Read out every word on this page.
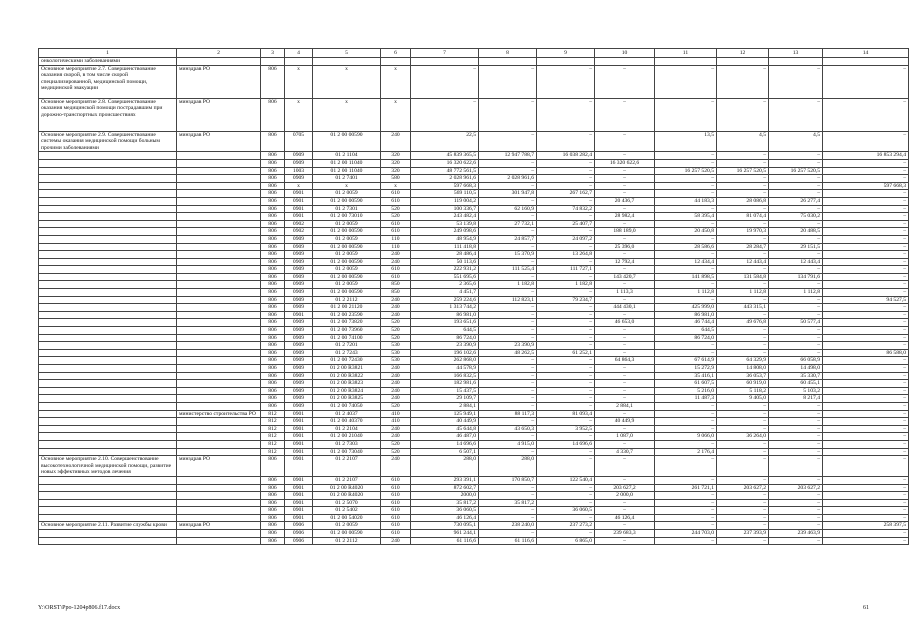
1	2	3	4	5	6	7	8	9	10	11	12	13	14
онкологическими заболеваниями													
Основное мероприятие 2.7. Совершенствование оказания скорой, в том числе скорой специализированной, медицинской помощи, медицинской эвакуации	минздрав РО	806	x	x	x	–	–	–	–	–	–	–	–
Основное мероприятие 2.8. Совершенствование оказания медицинской помощи пострадавшим при дорожно-транспортных происшествиях	минздрав РО	806	x	x	x	–	–	–	–	–	–	–	–
Основное мероприятие 2.9. Совершенствование системы оказания медицинской помощи больным прочими заболеваниями	минздрав РО	806	0705	01 2 00 00590	240	22,5	–	–	–	13,5	4,5	4,5	–
		806	0909	01 2 1104	320	45 839 365,5	12 947 788,7	16 038 282,4	–	–	–	–	16 853 294,4
		806	0909	01 2 00 11040	320	16 320 622,6	–	–	16 320 622,6	–	–	–	–
		806	1003	01 2 00 11040	320	48 772 561,5	–	–	–	16 257 520,5	16 257 520,5	16 257 520,5	–
		806	0909	01 2 7401	580	2 028 961,6	2 028 961,6	–	–	–	–	–	–
		806	x	x	x	597 668,3	–	–	–	–	–	–	597 668,3
		806	0901	01 2 0059	610	569 110,5	301 947,8	267 162,7	–	–	–	–	–
		806	0901	01 2 00 00590	610	119 004,2	–	–	20 436,7	44 183,3	28 086,8	26 277,4	–
		806	0901	01 2 7301	520	100 336,7	62 160,9	74 832,2	–	–	–	–	–
		806	0901	01 2 00 73010	520	243 482,4	–	–	28 982,4	58 395,4	81 074,4	75 030,2	–
		806	0902	01 2 0059	610	53 139,8	27 732,1	25 407,7	–	–	–	–	–
		806	0902	01 2 00 00590	610	249 098,6	–	–	188 189,0	20 450,8	19 970,3	20 488,5	–
		806	0909	01 2 0059	110	48 954,9	24 857,7	24 097,2	–	–	–	–	–
		806	0909	01 2 00 00590	110	111 418,8	–	–	25 396,0	28 586,6	28 284,7	29 151,5	–
		806	0909	01 2 0059	240	28 486,4	15 370,9	13 264,8	–	–	–	–	–
		806	0909	01 2 00 00590	240	50 113,6	–	–	12 792,4	12 434,4	12 443,4	12 443,4	–
		806	0909	01 2 0059	610	222 931,2	111 525,4	111 727,1	–	–	–	–	–
		806	0909	01 2 00 00590	610	551 695,6	–	–	143 420,7	141 898,5	131 584,8	134 791,6	–
		806	0909	01 2 0059	850	2 365,6	1 182,8	1 182,8	–	–	–	–	–
		806	0909	01 2 00 00590	850	4 451,7	–	–	1 113,3	1 112,8	1 112,8	1 112,8	–
		806	0909	01 2 2112	240	259 224,6	112 823,1	79 234,7	–	–	–	–	94 527,5
		806	0909	01 2 00 21120	240	1 313 744,2	–	–	444 430,1	425 999,0	443 315,1	–	–
		806	0901	01 2 00 23590	240	86 981,0	–	–	–	86 981,0	–	–	–
		806	0909	01 2 00 73820	520	193 651,6	–	–	46 653,0	46 744,4	49 676,8	50 577,4	–
		806	0909	01 2 00 73960	520	644,5	–	–	–	644,5	–	–	–
		806	0909	01 2 00 74100	520	86 724,0	–	–	–	86 724,0	–	–	–
		806	0909	01 2 7201	530	23 390,9	23 390,9	–	–	–	–	–	–
		806	0909	01 2 7243	530	196 102,6	48 262,5	61 252,1	–	–	–	–	86 588,0
		806	0909	01 2 00 72430	530	262 868,0	–	–	64 864,3	67 614,9	64 329,9	66 058,9	–
		806	0909	01 2 00 R3821	240	44 578,9	–	–	–	15 272,9	14 808,0	14 498,0	–
		806	0909	01 2 00 R3822	240	166 832,5	–	–	–	35 416,1	36 053,7	35 330,7	–
		806	0909	01 2 00 R3823	240	182 981,6	–	–	–	61 607,5	60 919,0	60 455,1	–
		806	0909	01 2 00 R3824	240	15 437,5	–	–	–	5 216,0	5 118,2	5 103,2	–
		806	0909	01 2 00 R3825	240	29 109,7	–	–	–	11 487,3	9 405,0	8 217,4	–
		806	0909	01 2 00 74050	520	2 884,1	–	–	2 884,1	–	–	–	–
	министерство строительства РО	812	0901	01 2 4037	410	125 949,1	88 117,3	81 093,4	–	–	–	–	–
		812	0901	01 2 00 40370	410	40 449,9	–	–	40 449,9	–	–	–	–
		812	0901	01 2 2104	240	45 644,8	43 650,3	3 952,5	–	–	–	–	–
		812	0901	01 2 00 21040	240	46 487,0	–	–	1 087,0	9 066,0	36 264,0	–	–
		812	0901	01 2 7303	520	14 696,6	4 915,0	14 696,6	–	–	–	–	–
		812	0901	01 2 00 73040	520	6 507,1	–	–	4 330,7	2 176,4	–	–	–
Основное мероприятие 2.10. Совершенствование высокотехнологичной медицинской помощи, развитие новых эффективных методов лечения	минздрав РО	806	0901	01 2 2107	240	288,0	288,0	–	–	–	–	–	–
		806	0901	01 2 2107	610	293 391,1	170 850,7	122 540,4	–	–	–	–	–
		806	0901	01 2 00 R4020	610	872 602,7	–	–	203 627,2	261 721,1	203 627,2	203 627,2	–
		806	0901	01 2 00 R4020	610	2000,0	–	–	2 000,0	–	–	–	–
		806	0901	01 2 5070	610	35 817,2	35 817,2	–	–	–	–	–	–
		806	0901	01 2 5402	610	36 060,5	–	36 060,5	–	–	–	–	–
		806	0901	01 2 00 54020	610	46 126,4	–	–	46 126,4	–	–	–	–
Основное мероприятие 2.11. Развитие службы крови	минздрав РО	806	0906	01 2 0059	610	730 095,1	238 240,0	237 273,2	–	–	–	–	258 397,5
		806	0906	01 2 00 00590	610	961 244,1	–	–	239 683,3	244 703,0	237 393,9	239 463,9	–
		806	0906	01 2 2112	240	61 116,6	61 116,6	6 865,0	–	–	–	–	–
Y:\ORST\Ppo-1204p806.f17.docx	61
